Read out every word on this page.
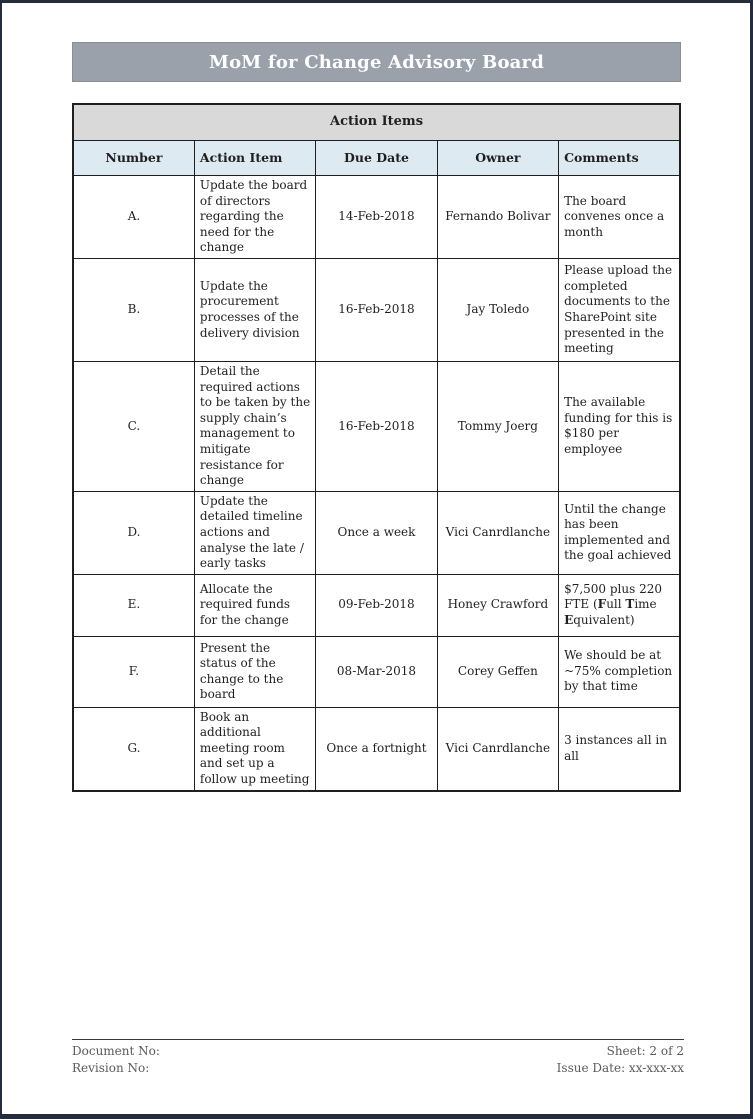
MoM for Change Advisory Board
Action Items				
Number	Action Item	Due Date	Owner	Comments
A.	Update the board of directors regarding the need for the change	14-Feb-2018	Fernando Bolivar	The board convenes once a month
B.	Update the procurement processes of the delivery division	16-Feb-2018	Jay Toledo	Please upload the completed documents to the SharePoint site presented in the meeting
C.	Detail the required actions to be taken by the supply chain’s management to mitigate resistance for change	16-Feb-2018	Tommy Joerg	The available funding for this is $180 per employee
D.	Update the detailed timeline actions and analyse the late / early tasks	Once a week	Vici Canrdlanche	Until the change has been implemented and the goal achieved
E.	Allocate the required funds for the change	09-Feb-2018	Honey Crawford	$7,500 plus 220 FTE (Full Time Equivalent)
F.	Present the status of the change to the board	08-Mar-2018	Corey Geffen	We should be at ~75% completion by that time
G.	Book an additional meeting room and set up a follow up meeting	Once a fortnight	Vici Canrdlanche	3 instances all in all
Document No:
Revision No:
Sheet: 2 of 2
Issue Date: xx-xxx-xx
